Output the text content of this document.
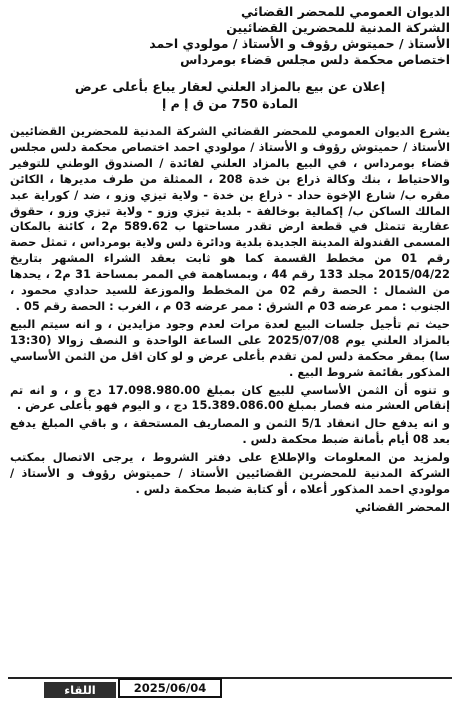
الديوان العمومي للمحضر القضائي
الشركة المدنية للمحضرين القضائيين
الأستاذ / حميتوش رؤوف و الأستاذ / مولودي احمد
اختصاص محكمة دلس مجلس قضاء بومرداس
إعلان عن بيع بالمزاد العلني لعقار يباع بأعلى عرض
المادة 750 من ق إ م إ

يشرع الديوان العمومي للمحضر القضائي الشركة المدنية للمحضرين القضائيين الأستاذ / حميتوش رؤوف و الأستاذ / مولودي احمد اختصاص محكمة دلس مجلس قضاء بومرداس ، في البيع بالمزاد العلني لفائدة / الصندوق الوطني للتوفير والاحتياط ، بنك وكالة ذراع بن خدة 208 ، الممثلة من طرف مديرها ، الكائن مقره ب/ شارع الإخوة حداد - ذراع بن خدة - ولاية تيزي وزو ، ضد / كوراية عبد المالك الساكن ب/ إكمالية بوخالفة - بلدية تيزي وزو - ولاية تيزي وزو ، حقوق عقارية تتمثل في قطعة ارض تقدر مساحتها ب 589.62 م2 ، كائنة بالمكان المسمى القندولة المدينة الجديدة بلدية ودائرة دلس ولاية بومرداس ، تمثل حصة رقم 01 من مخطط القسمة كما هو ثابت بعقد الشراء المشهر بتاريخ 2015/04/22 مجلد 133 رقم 44 ، وبمساهمة في الممر بمساحة 31 م2 ، يحدها من الشمال : الحصة رقم 02 من المخطط والموزعة للسيد حدادي محمود ، الجنوب : ممر عرضه 03 م الشرق : ممر عرضه 03 م ، الغرب : الحصة رقم 05 .

حيث تم تأجيل جلسات البيع لعدة مرات لعدم وجود مزايدين ، و انه سيتم البيع بالمزاد العلني يوم 2025/07/08 على الساعة الواحدة و النصف زوالا (13:30 سا) بمقر محكمة دلس لمن تقدم بأعلى عرض و لو كان اقل من الثمن الأساسي المذكور بقائمة شروط البيع .

و تنوه أن الثمن الأساسي للبيع كان بمبلغ 17.098.980.00 دج و ، و انه تم إنقاص العشر منه فصار بمبلغ 15.389.086.00 دج ، و اليوم فهو بأعلى عرض .

و انه يدفع حال انعقاد 5/1 الثمن و المصاريف المستحقة ، و باقي المبلغ يدفع بعد 08 أيام بأمانة ضبط محكمة دلس .

ولمزيد من المعلومات والإطلاع على دفتر الشروط ، يرجى الاتصال بمكتب الشركة المدنية للمحضرين القضائيين الأستاذ / حميتوش رؤوف و الأستاذ / مولودي احمد المذكور أعلاه ، أو كتابة ضبط محكمة دلس .

المحضر القضائي
2025/06/04
اللقاء
